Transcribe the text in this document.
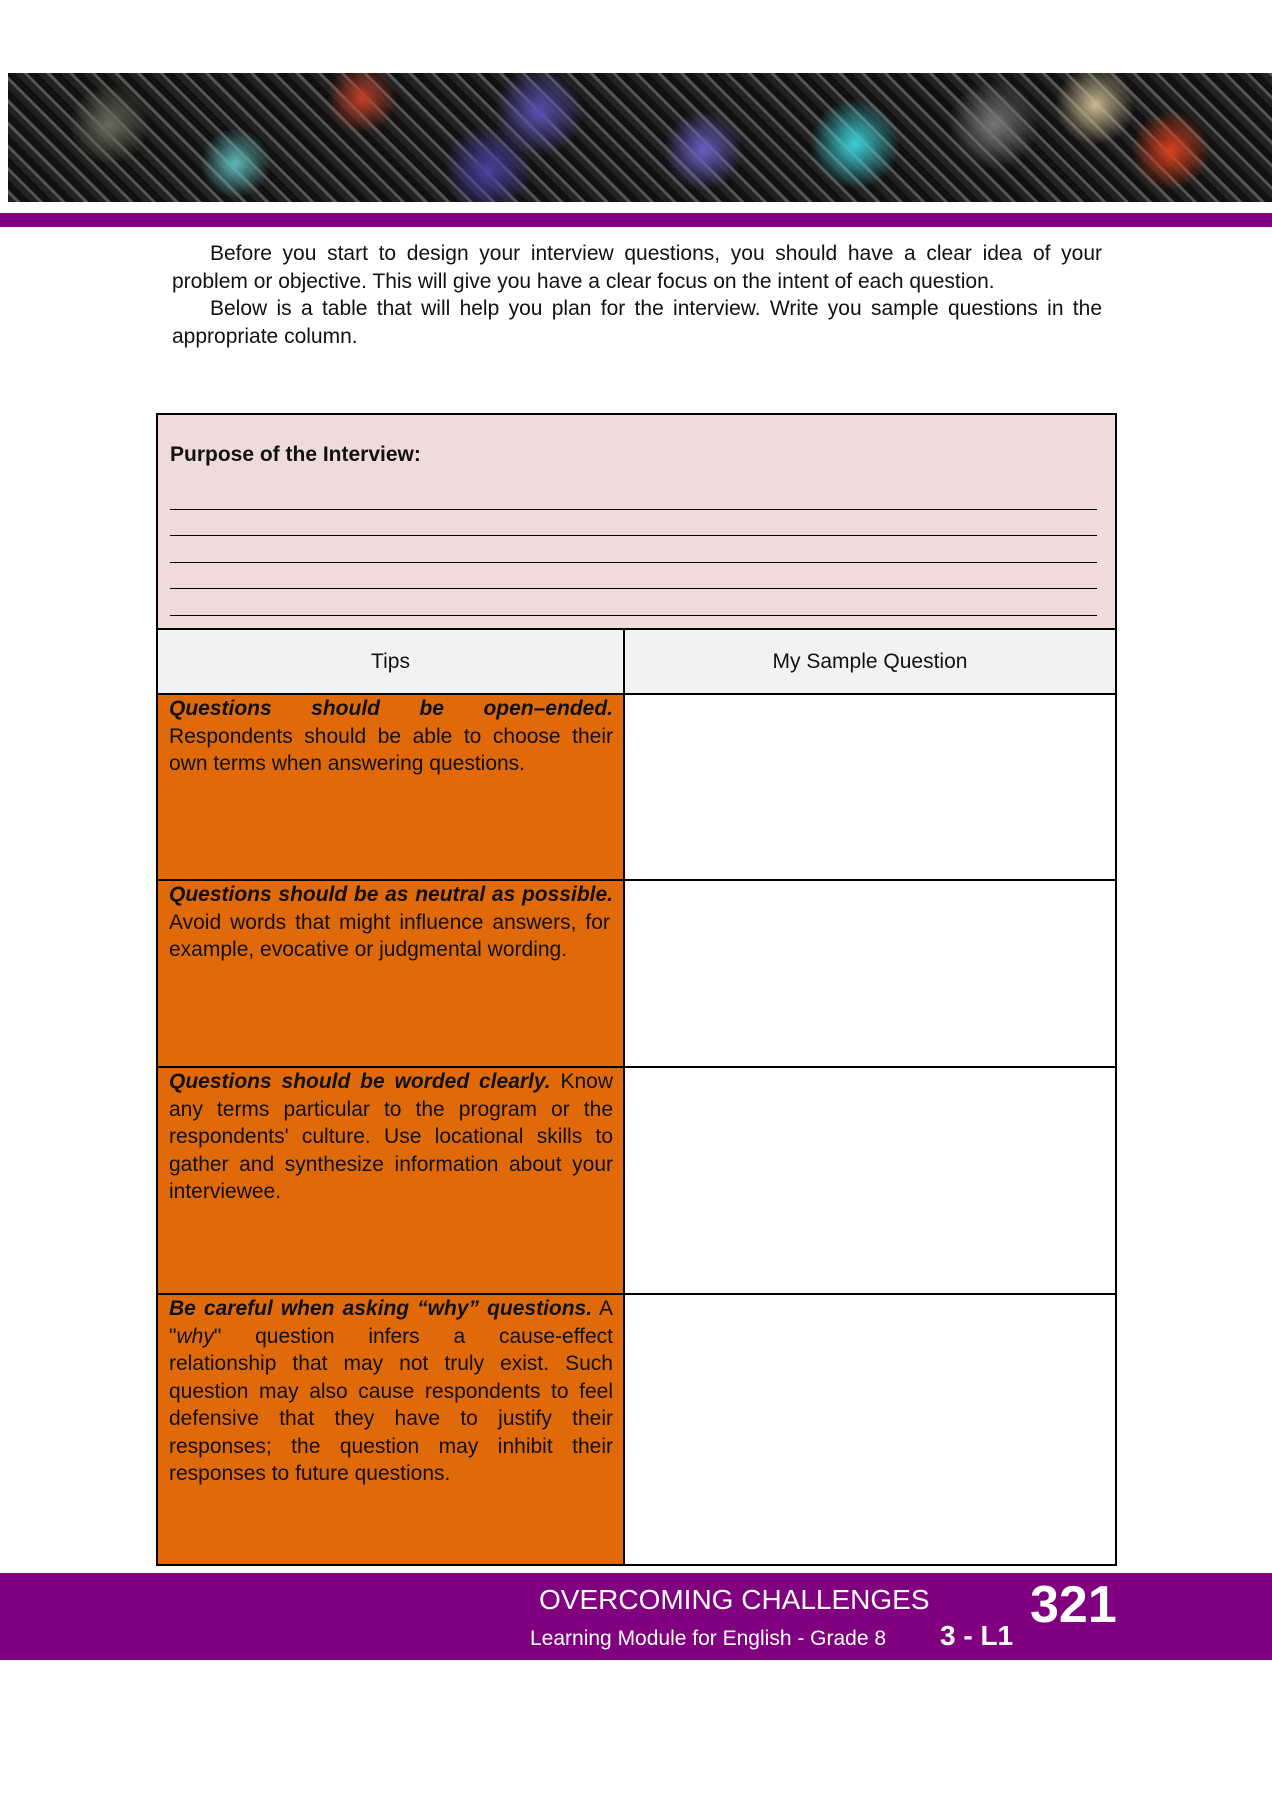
Before you start to design your interview questions, you should have a clear idea of your problem or objective. This will give you have a clear focus on the intent of each question.

Below is a table that will help you plan for the interview. Write you sample questions in the appropriate column.

Purpose of the Interview:	

Tips	My Sample Question
Questions should be open–ended. Respondents should be able to choose their own terms when answering questions.	
Questions should be as neutral as possible. Avoid words that might influence answers, for example, evocative or judgmental wording.	
Questions should be worded clearly. Know any terms particular to the program or the respondents' culture. Use locational skills to gather and synthesize information about your interviewee.	
Be careful when asking “why” questions. A "why" question infers a cause-effect relationship that may not truly exist. Such question may also cause respondents to feel defensive that they have to justify their responses; the question may inhibit their responses to future questions.	
OVERCOMING CHALLENGES
Learning Module for English - Grade 8 3 - L1
321
